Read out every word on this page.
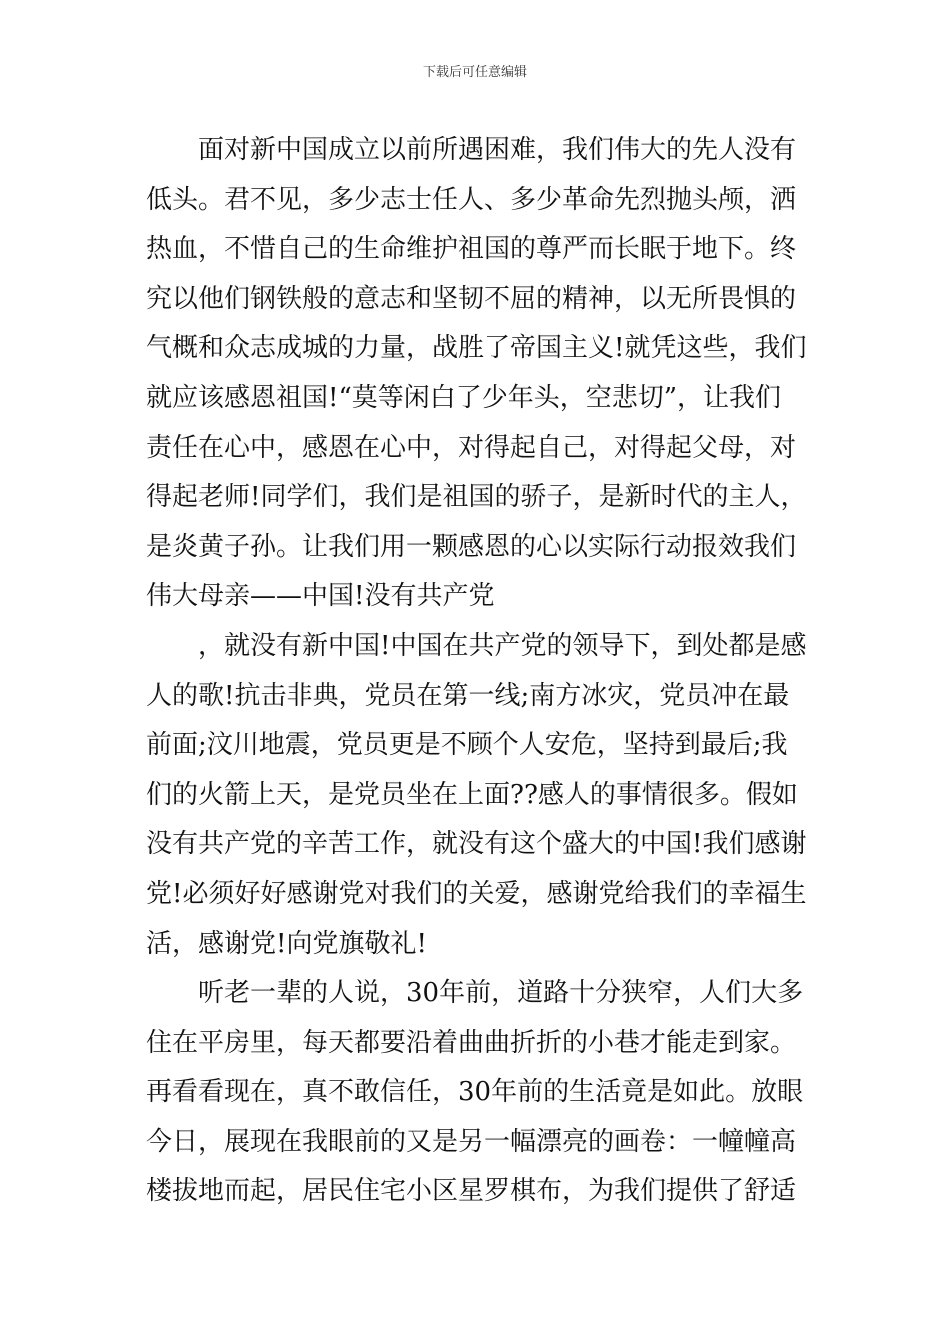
下载后可任意编辑
面对新中国成立以前所遇困难，我们伟大的先人没有
低头。君不见，多少志士任人、多少革命先烈抛头颅，洒
热血，不惜自己的生命维护祖国的尊严而长眠于地下。终
究以他们钢铁般的意志和坚韧不屈的精神，以无所畏惧的
气概和众志成城的力量，战胜了帝国主义!就凭这些，我们
就应该感恩祖国!“莫等闲白了少年头，空悲切”，让我们
责任在心中，感恩在心中，对得起自己，对得起父母，对
得起老师!同学们，我们是祖国的骄子，是新时代的主人，
是炎黄子孙。让我们用一颗感恩的心以实际行动报效我们
伟大母亲——中国!没有共产党
，就没有新中国!中国在共产党的领导下，到处都是感
人的歌!抗击非典，党员在第一线;南方冰灾，党员冲在最
前面;汶川地震，党员更是不顾个人安危，坚持到最后;我
们的火箭上天，是党员坐在上面??感人的事情很多。假如
没有共产党的辛苦工作，就没有这个盛大的中国!我们感谢
党!必须好好感谢党对我们的关爱，感谢党给我们的幸福生
活，感谢党!向党旗敬礼!
听老一辈的人说，30年前，道路十分狭窄，人们大多
住在平房里，每天都要沿着曲曲折折的小巷才能走到家。
再看看现在，真不敢信任，30年前的生活竟是如此。放眼
今日，展现在我眼前的又是另一幅漂亮的画卷：一幢幢高
楼拔地而起，居民住宅小区星罗棋布，为我们提供了舒适
